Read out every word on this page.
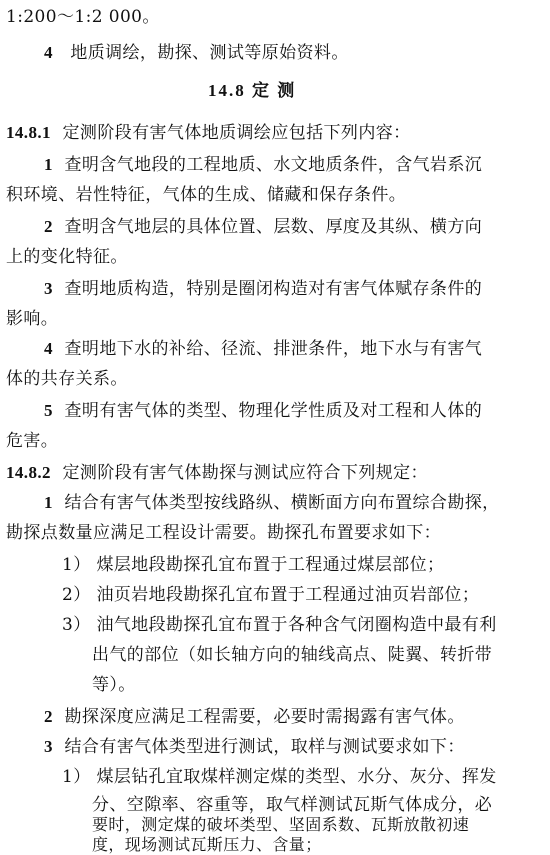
1:200～1:2 000。
4 地质调绘，勘探、测试等原始资料。
14.8 定 测
14.8.1 定测阶段有害气体地质调绘应包括下列内容：
1 查明含气地段的工程地质、水文地质条件，含气岩系沉
积环境、岩性特征，气体的生成、储藏和保存条件。
2 查明含气地层的具体位置、层数、厚度及其纵、横方向
上的变化特征。
3 查明地质构造，特别是圈闭构造对有害气体赋存条件的
影响。
4 查明地下水的补给、径流、排泄条件，地下水与有害气
体的共存关系。
5 查明有害气体的类型、物理化学性质及对工程和人体的
危害。
14.8.2 定测阶段有害气体勘探与测试应符合下列规定：
1 结合有害气体类型按线路纵、横断面方向布置综合勘探，
勘探点数量应满足工程设计需要。勘探孔布置要求如下：
1） 煤层地段勘探孔宜布置于工程通过煤层部位；
2） 油页岩地段勘探孔宜布置于工程通过油页岩部位；
3） 油气地段勘探孔宜布置于各种含气闭圈构造中最有利
出气的部位（如长轴方向的轴线高点、陡翼、转折带
等）。
2 勘探深度应满足工程需要，必要时需揭露有害气体。
3 结合有害气体类型进行测试，取样与测试要求如下：
1） 煤层钻孔宜取煤样测定煤的类型、水分、灰分、挥发
分、空隙率、容重等，取气样测试瓦斯气体成分，必
要时，测定煤的破坏类型、坚固系数、瓦斯放散初速
度，现场测试瓦斯压力、含量；
